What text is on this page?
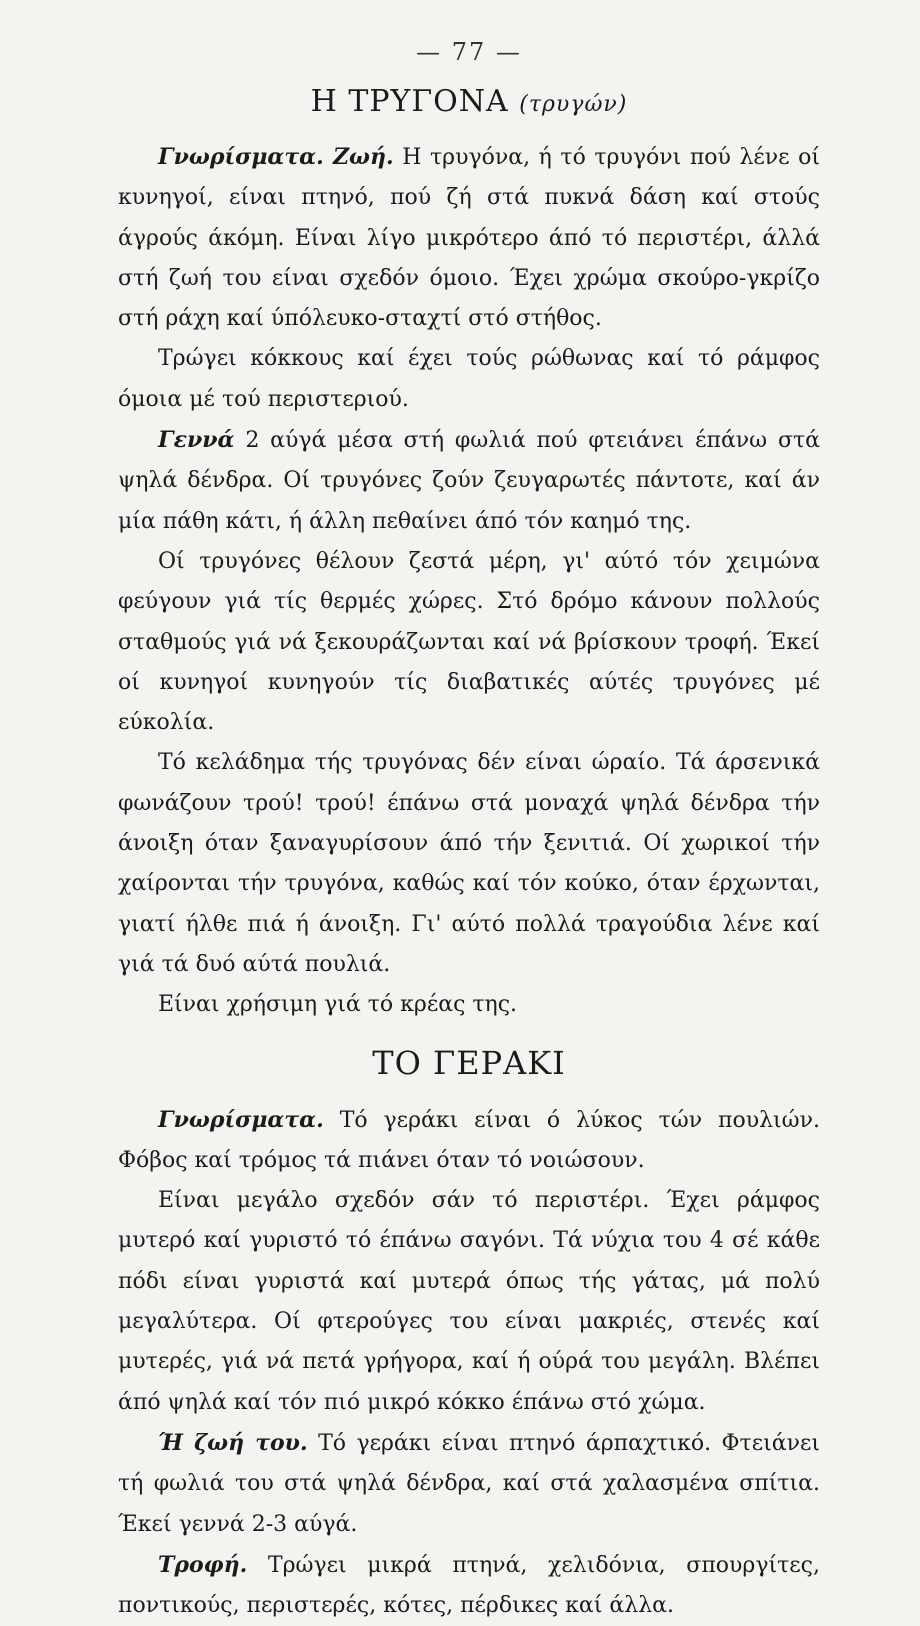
— 77 —
Η ΤΡΥΓΟΝΑ (τρυγών)

Γνωρίσματα. Ζωή. Η τρυγόνα, ή τό τρυγόνι πού λένε οί κυνηγοί, είναι πτηνό, πού ζή στά πυκνά δάση καί στούς άγρούς άκόμη. Είναι λίγο μικρότερο άπό τό περιστέρι, άλλά στή ζωή του είναι σχεδόν όμοιο. Έχει χρώμα σκούρο-γκρίζο στή ράχη καί ύπόλευκο-σταχτί στό στήθος.

Τρώγει κόκκους καί έχει τούς ρώθωνας καί τό ράμφος όμοια μέ τού περιστεριού.

Γεννά 2 αύγά μέσα στή φωλιά πού φτειάνει έπάνω στά ψηλά δένδρα. Οί τρυγόνες ζούν ζευγαρωτές πάντοτε, καί άν μία πάθη κάτι, ή άλλη πεθαίνει άπό τόν καημό της.

Οί τρυγόνες θέλουν ζεστά μέρη, γι' αύτό τόν χειμώνα φεύγουν γιά τίς θερμές χώρες. Στό δρόμο κάνουν πολλούς σταθμούς γιά νά ξεκουράζωνται καί νά βρίσκουν τροφή. Έκεί οί κυνηγοί κυνηγούν τίς διαβατικές αύτές τρυγόνες μέ εύκολία.

Τό κελάδημα τής τρυγόνας δέν είναι ώραίο. Τά άρσενικά φωνάζουν τρού! τρού! έπάνω στά μοναχά ψηλά δένδρα τήν άνοιξη όταν ξαναγυρίσουν άπό τήν ξενιτιά. Οί χωρικοί τήν χαίρονται τήν τρυγόνα, καθώς καί τόν κούκο, όταν έρχωνται, γιατί ήλθε πιά ή άνοιξη. Γι' αύτό πολλά τραγούδια λένε καί γιά τά δυό αύτά πουλιά.

Είναι χρήσιμη γιά τό κρέας της.

ΤΟ ΓΕΡΑΚΙ

Γνωρίσματα. Τό γεράκι είναι ό λύκος τών πουλιών. Φόβος καί τρόμος τά πιάνει όταν τό νοιώσουν.

Είναι μεγάλο σχεδόν σάν τό περιστέρι. Έχει ράμφος μυτερό καί γυριστό τό έπάνω σαγόνι. Τά νύχια του 4 σέ κάθε πόδι είναι γυριστά καί μυτερά όπως τής γάτας, μά πολύ μεγαλύτερα. Οί φτερούγες του είναι μακριές, στενές καί μυτερές, γιά νά πετά γρήγορα, καί ή ούρά του μεγάλη. Βλέπει άπό ψηλά καί τόν πιό μικρό κόκκο έπάνω στό χώμα.

Ή ζωή του. Τό γεράκι είναι πτηνό άρπαχτικό. Φτειάνει τή φωλιά του στά ψηλά δένδρα, καί στά χαλασμένα σπίτια. Έκεί γεννά 2-3 αύγά.

Τροφή. Τρώγει μικρά πτηνά, χελιδόνια, σπουργίτες, ποντικούς, περιστερές, κότες, πέρδικες καί άλλα.
